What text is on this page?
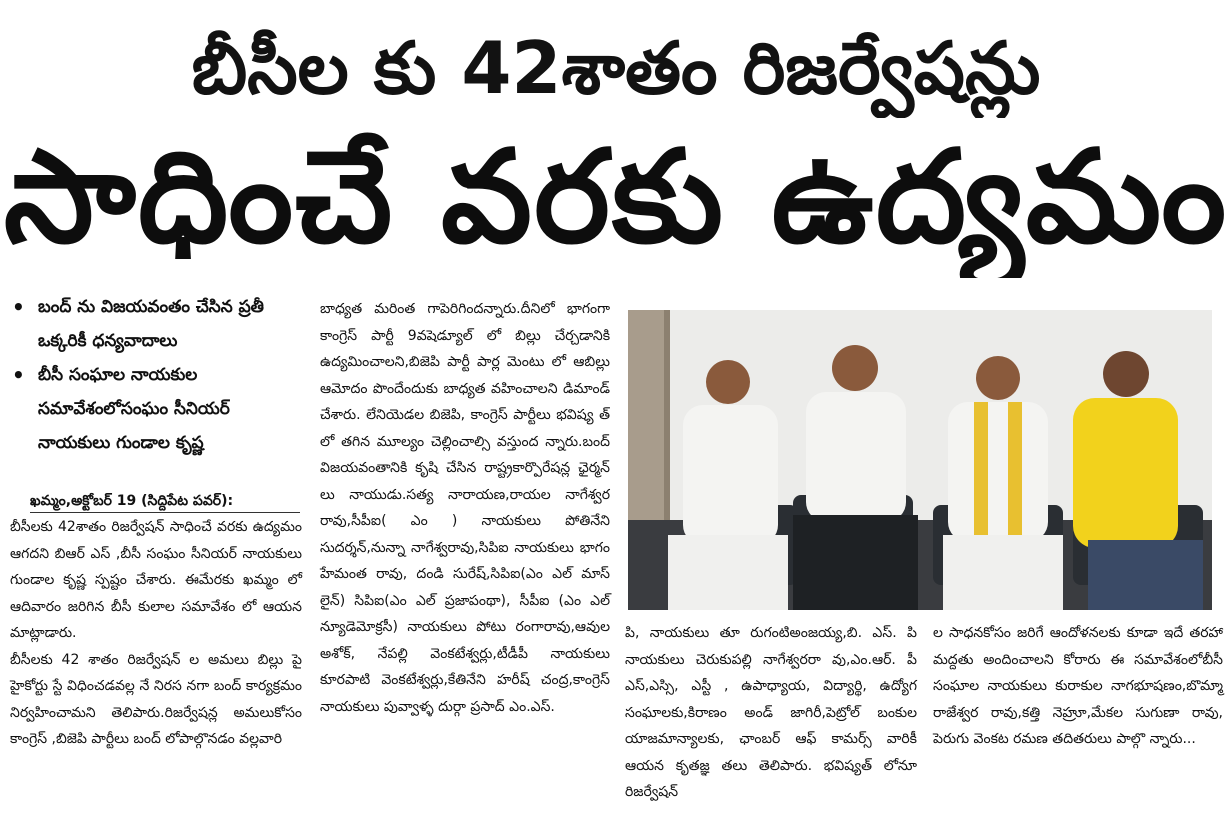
బీసీల కు 42శాతం రిజర్వేషన్లు
సాధించే వరకు ఉద్యమం
• బంద్ ను విజయవంతం చేసిన ప్రతీ ఒక్కరికీ ధన్యవాదాలు
• బీసీ సంఘాల నాయకుల సమావేశంలోసంఘం సీనియర్ నాయకులు గుండాల కృష్ణ
ఖమ్మం,అక్టోబర్ 19 (సిద్దిపేట పవర్):

బీసీలకు 42శాతం రిజర్వేషన్ సాధించే వరకు ఉద్యమం ఆగదని బిఆర్ ఎస్ ,బీసీ సంఘం సీనియర్ నాయకులు గుండాల కృష్ణ స్పష్టం చేశారు. ఈమేరకు ఖమ్మం లో ఆదివారం జరిగిన బీసీ కులాల సమావేశం లో ఆయన మాట్లాడారు.

బీసీలకు 42 శాతం రిజర్వేషన్ ల అమలు బిల్లు పై హైకోర్టు స్టే విధించడవల్ల నే నిరస నగా బంద్ కార్యక్రమం నిర్వహించామని తెలిపారు.రిజర్వేషన్ల అమలుకోసం కాంగ్రెస్ ,బిజెపి పార్టీలు బంద్ లోపాల్గొనడం వల్లవారి

బాధ్యత మరింత గాపెరిగిందన్నారు.దీనిలో భాగంగా కాంగ్రెస్ పార్టీ 9వషెడ్యూల్ లో బిల్లు చేర్చడానికి ఉద్యమించాలని,బిజెపి పార్టీ పార్ల మెంటు లో ఆబిల్లు ఆమోదం పొందేందుకు బాధ్యత వహించాలని డిమాండ్ చేశారు. లేనియెడల బిజెపి, కాంగ్రెస్ పార్టీలు భవిష్య త్ లో తగిన మూల్యం చెల్లించాల్సి వస్తుంద న్నారు.బంద్ విజయవంతానికి కృషి చేసిన రాష్ట్రకార్పొరేషన్ల ఛైర్మన్ లు నాయుడు.సత్య నారాయణ,రాయల నాగేశ్వర రావు,సీపీఐ( ఎం ) నాయకులు పోతినేని సుదర్శన్,నున్నా నాగేశ్వరావు,సిపిఐ నాయకులు భాగం హేమంత రావు, దండి సురేష్,సిపిఐ(ఎం ఎల్ మాస్ లైన్) సిపిఐ(ఎం ఎల్ ప్రజాపంథా), సీపీఐ (ఎం ఎల్ న్యూడెమోక్రసీ) నాయకులు పోటు రంగారావు,ఆవుల అశోక్, నేపల్లి వెంకటేశ్వర్లు,టీడీపీ నాయకులు కూరపాటి వెంకటేశ్వర్లు,కేతినేని హరీష్ చంద్ర,కాంగ్రెస్ నాయకులు పువ్వాళ్ళ దుర్గా ప్రసాద్ ఎం.ఎస్.

పి, నాయకులు తూ రుగంటిఅంజయ్య,బి. ఎస్. పి నాయకులు చెరుకుపల్లి నాగేశ్వరరా వు,ఎం.ఆర్. పీ ఎస్,ఎస్సి, ఎస్టీ , ఉపాధ్యాయ, విద్యార్థి, ఉద్యోగ సంఘాలకు,కిరాణం అండ్ జాగిరీ,పెట్రోల్ బంకుల యాజమాన్యాలకు, ఛాంబర్ ఆఫ్ కామర్స్ వారికీ ఆయన కృతజ్ఞ తలు తెలిపారు. భవిష్యత్ లోనూ రిజర్వేషన్

ల సాధనకోసం జరిగే ఆందోళనలకు కూడా ఇదే తరహా మద్దతు అందించాలని కోరారు ఈ సమావేశంలోబీసీ సంఘాల నాయకులు కురాకుల నాగభూషణం,బొమ్మా రాజేశ్వర రావు,కత్తి నెహ్రూ,మేకల సుగుణా రావు, పెరుగు వెంకట రమణ తదితరులు పాల్గొ న్నారు...
